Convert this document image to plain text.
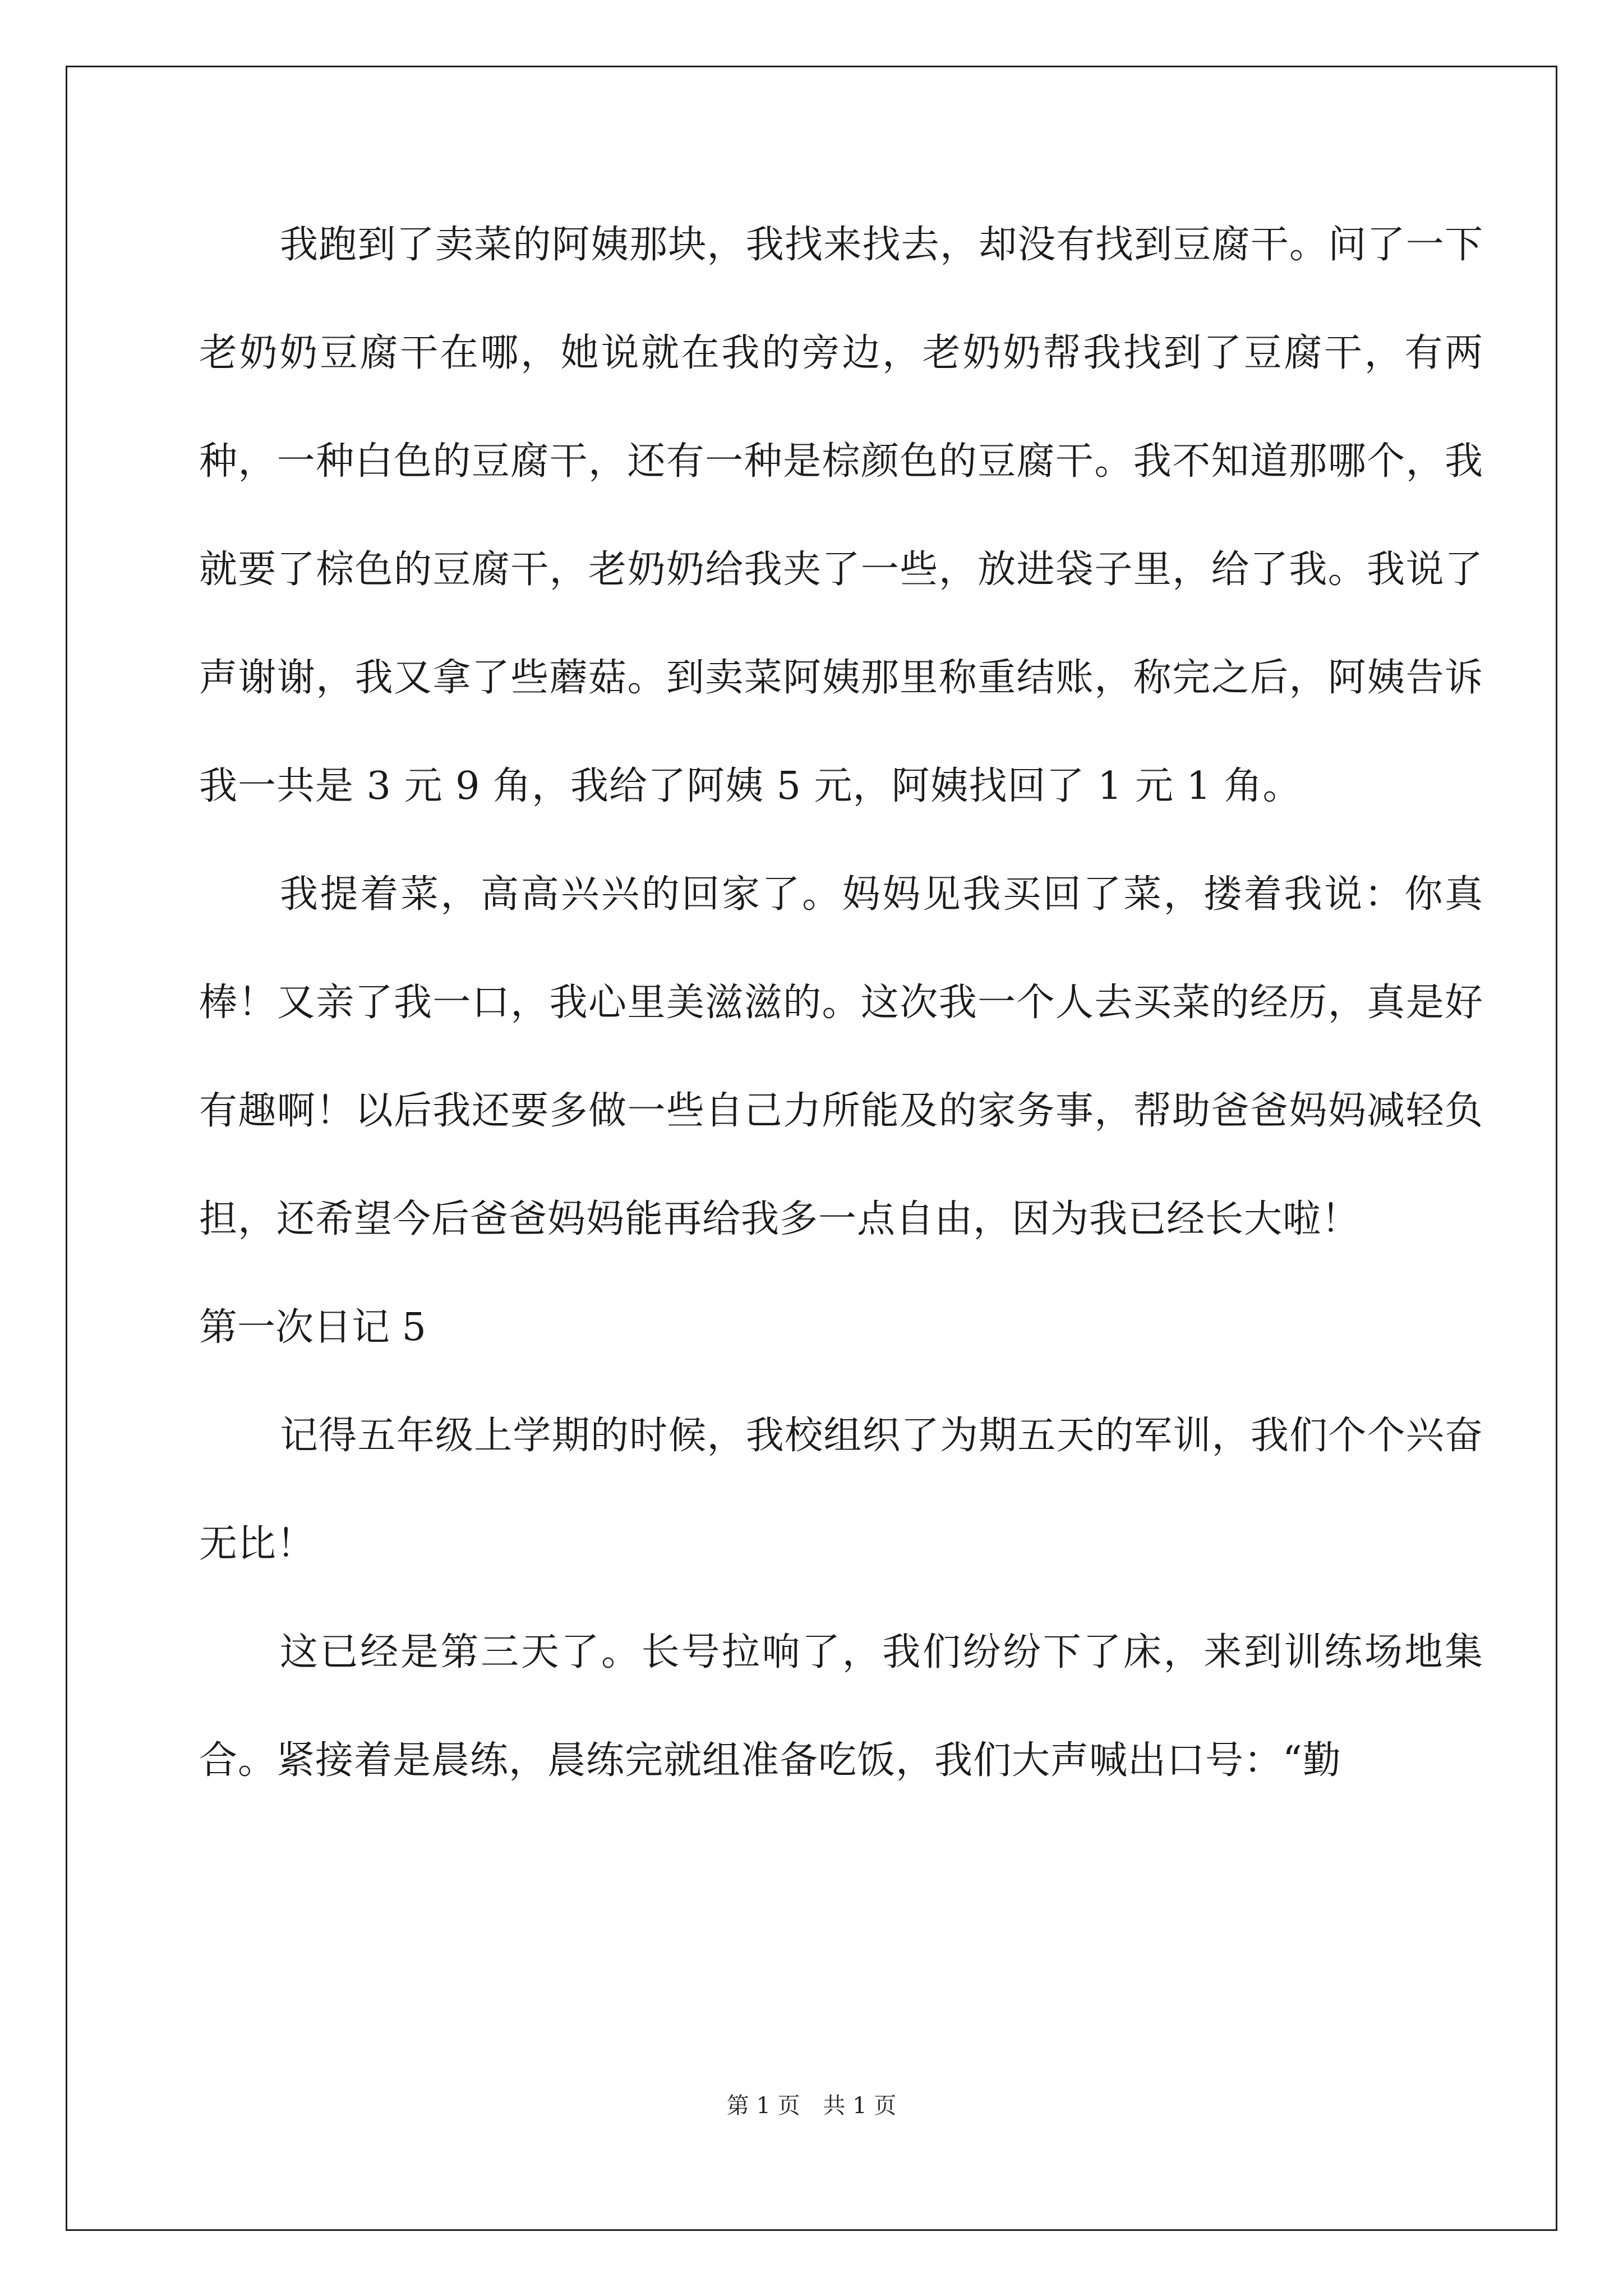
我跑到了卖菜的阿姨那块，我找来找去，却没有找到豆腐干。问了一下老奶奶豆腐干在哪，她说就在我的旁边，老奶奶帮我找到了豆腐干，有两种，一种白色的豆腐干，还有一种是棕颜色的豆腐干。我不知道那哪个，我就要了棕色的豆腐干，老奶奶给我夹了一些，放进袋子里，给了我。我说了声谢谢，我又拿了些蘑菇。到卖菜阿姨那里称重结账，称完之后，阿姨告诉我一共是 3 元 9 角，我给了阿姨 5 元，阿姨找回了 1 元 1 角。

我提着菜，高高兴兴的回家了。妈妈见我买回了菜，搂着我说：你真棒！又亲了我一口，我心里美滋滋的。这次我一个人去买菜的经历，真是好有趣啊！以后我还要多做一些自己力所能及的家务事，帮助爸爸妈妈减轻负担，还希望今后爸爸妈妈能再给我多一点自由，因为我已经长大啦！

第一次日记 5

记得五年级上学期的时候，我校组织了为期五天的军训，我们个个兴奋无比！

这已经是第三天了。长号拉响了，我们纷纷下了床，来到训练场地集合。紧接着是晨练，晨练完就组准备吃饭，我们大声喊出口号：“勤

第 1 页 共 1 页
